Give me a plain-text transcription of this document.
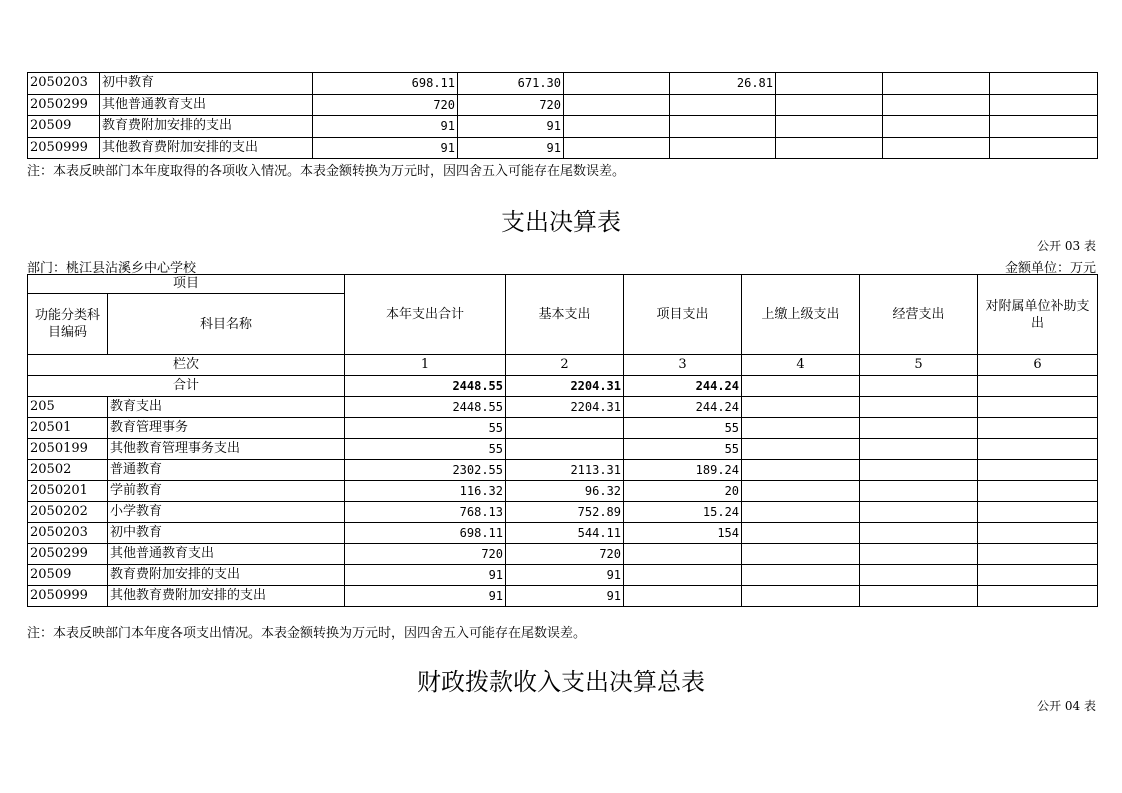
2050203	初中教育	698.11	671.30		26.81			
2050299	其他普通教育支出	720	720					
20509	教育费附加安排的支出	91	91					
2050999	其他教育费附加安排的支出	91	91					
注：本表反映部门本年度取得的各项收入情况。本表金额转换为万元时，因四舍五入可能存在尾数误差。
支出决算表
公开 03 表
部门：桃江县沾溪乡中心学校	金额单位：万元
项目		本年支出合计	基本支出	项目支出	上缴上级支出	经营支出	对附属单位补助支出
功能分类科目编码	科目名称						
栏次		1	2	3	4	5	6
合计		2448.55	2204.31	244.24			
205	教育支出	2448.55	2204.31	244.24			
20501	教育管理事务	55		55			
2050199	其他教育管理事务支出	55		55			
20502	普通教育	2302.55	2113.31	189.24			
2050201	学前教育	116.32	96.32	20			
2050202	小学教育	768.13	752.89	15.24			
2050203	初中教育	698.11	544.11	154			
2050299	其他普通教育支出	720	720				
20509	教育费附加安排的支出	91	91				
2050999	其他教育费附加安排的支出	91	91				
注：本表反映部门本年度各项支出情况。本表金额转换为万元时，因四舍五入可能存在尾数误差。
财政拨款收入支出决算总表
公开 04 表
